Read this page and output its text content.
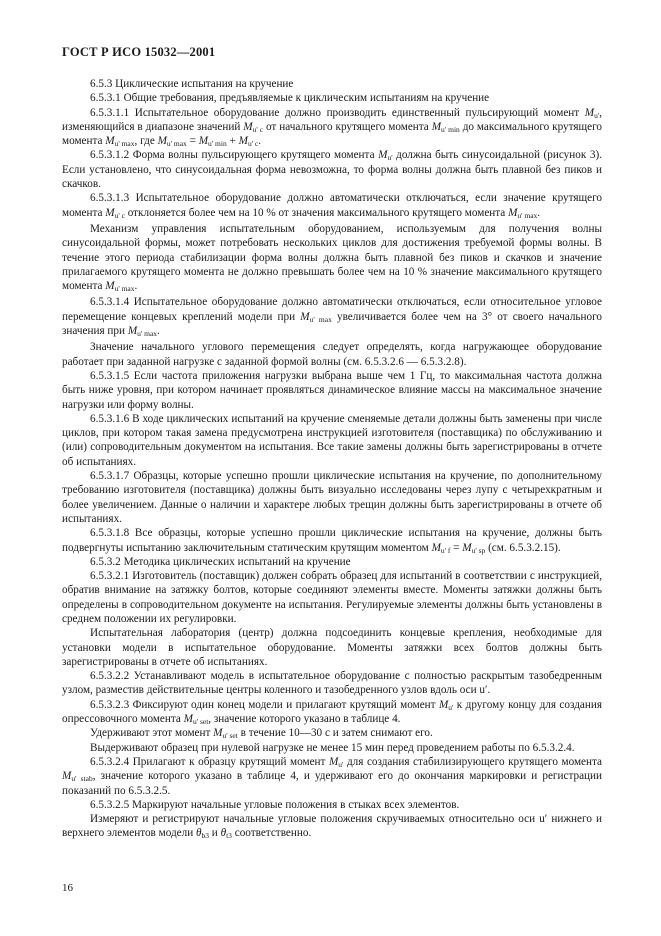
ГОСТ Р ИСО 15032—2001

6.5.3 Циклические испытания на кручение

6.5.3.1 Общие требования, предъявляемые к циклическим испытаниям на кручение

6.5.3.1.1 Испытательное оборудование должно производить единственный пульсирующий момент $M_{u'}$, изменяющийся в диапазоне значений $M_{u' c}$ от начального крутящего момента $M_{u' min}$ до максимального крутящего момента $M_{u' max}$, где $M_{u' max} = M_{u' min} + M_{u' c}$.

6.5.3.1.2 Форма волны пульсирующего крутящего момента $M_{u'}$ должна быть синусоидальной (рисунок 3). Если установлено, что синусоидальная форма невозможна, то форма волны должна быть плавной без пиков и скачков.

6.5.3.1.3 Испытательное оборудование должно автоматически отключаться, если значение крутящего момента $M_{u' c}$ отклоняется более чем на 10 % от значения максимального крутящего момента $M_{u' max}$.

Механизм управления испытательным оборудованием, используемым для получения волны синусоидальной формы, может потребовать нескольких циклов для достижения требуемой формы волны. В течение этого периода стабилизации форма волны должна быть плавной без пиков и скачков и значение прилагаемого крутящего момента не должно превышать более чем на 10 % значение максимального крутящего момента $M_{u' max}$.

6.5.3.1.4 Испытательное оборудование должно автоматически отключаться, если относительное угловое перемещение концевых креплений модели при $M_{u' max}$ увеличивается более чем на 3° от своего начального значения при $M_{u' max}$.

Значение начального углового перемещения следует определять, когда нагружающее оборудование работает при заданной нагрузке с заданной формой волны (см. 6.5.3.2.6 — 6.5.3.2.8).

6.5.3.1.5 Если частота приложения нагрузки выбрана выше чем 1 Гц, то максимальная частота должна быть ниже уровня, при котором начинает проявляться динамическое влияние массы на максимальное значение нагрузки или форму волны.

6.5.3.1.6 В ходе циклических испытаний на кручение сменяемые детали должны быть заменены при числе циклов, при котором такая замена предусмотрена инструкцией изготовителя (поставщика) по обслуживанию и (или) сопроводительным документом на испытания. Все такие замены должны быть зарегистрированы в отчете об испытаниях.

6.5.3.1.7 Образцы, которые успешно прошли циклические испытания на кручение, по дополнительному требованию изготовителя (поставщика) должны быть визуально исследованы через лупу с четырехкратным и более увеличением. Данные о наличии и характере любых трещин должны быть зарегистрированы в отчете об испытаниях.

6.5.3.1.8 Все образцы, которые успешно прошли циклические испытания на кручение, должны быть подвергнуты испытанию заключительным статическим крутящим моментом $M_{u' f} = M_{u' sp}$ (см. 6.5.3.2.15).

6.5.3.2 Методика циклических испытаний на кручение

6.5.3.2.1 Изготовитель (поставщик) должен собрать образец для испытаний в соответствии с инструкцией, обратив внимание на затяжку болтов, которые соединяют элементы вместе. Моменты затяжки должны быть определены в сопроводительном документе на испытания. Регулируемые элементы должны быть установлены в среднем положении их регулировки.

Испытательная лаборатория (центр) должна подсоединить концевые крепления, необходимые для установки модели в испытательное оборудование. Моменты затяжки всех болтов должны быть зарегистрированы в отчете об испытаниях.

6.5.3.2.2 Устанавливают модель в испытательное оборудование с полностью раскрытым тазобедренным узлом, разместив действительные центры коленного и тазобедренного узлов вдоль оси u′.

6.5.3.2.3 Фиксируют один конец модели и прилагают крутящий момент $M_{u'}$ к другому концу для создания опрессовочного момента $M_{u' set}$, значение которого указано в таблице 4.

Удерживают этот момент $M_{u' set}$ в течение 10—30 с и затем снимают его.

Выдерживают образец при нулевой нагрузке не менее 15 мин перед проведением работы по 6.5.3.2.4.

6.5.3.2.4 Прилагают к образцу крутящий момент $M_{u'}$ для создания стабилизирующего крутящего момента $M_{u' stab}$, значение которого указано в таблице 4, и удерживают его до окончания маркировки и регистрации показаний по 6.5.3.2.5.

6.5.3.2.5 Маркируют начальные угловые положения в стыках всех элементов.

Измеряют и регистрируют начальные угловые положения скручиваемых относительно оси u′ нижнего и верхнего элементов модели $\theta_{b3}$ и $\theta_{t3}$ соответственно.

16
